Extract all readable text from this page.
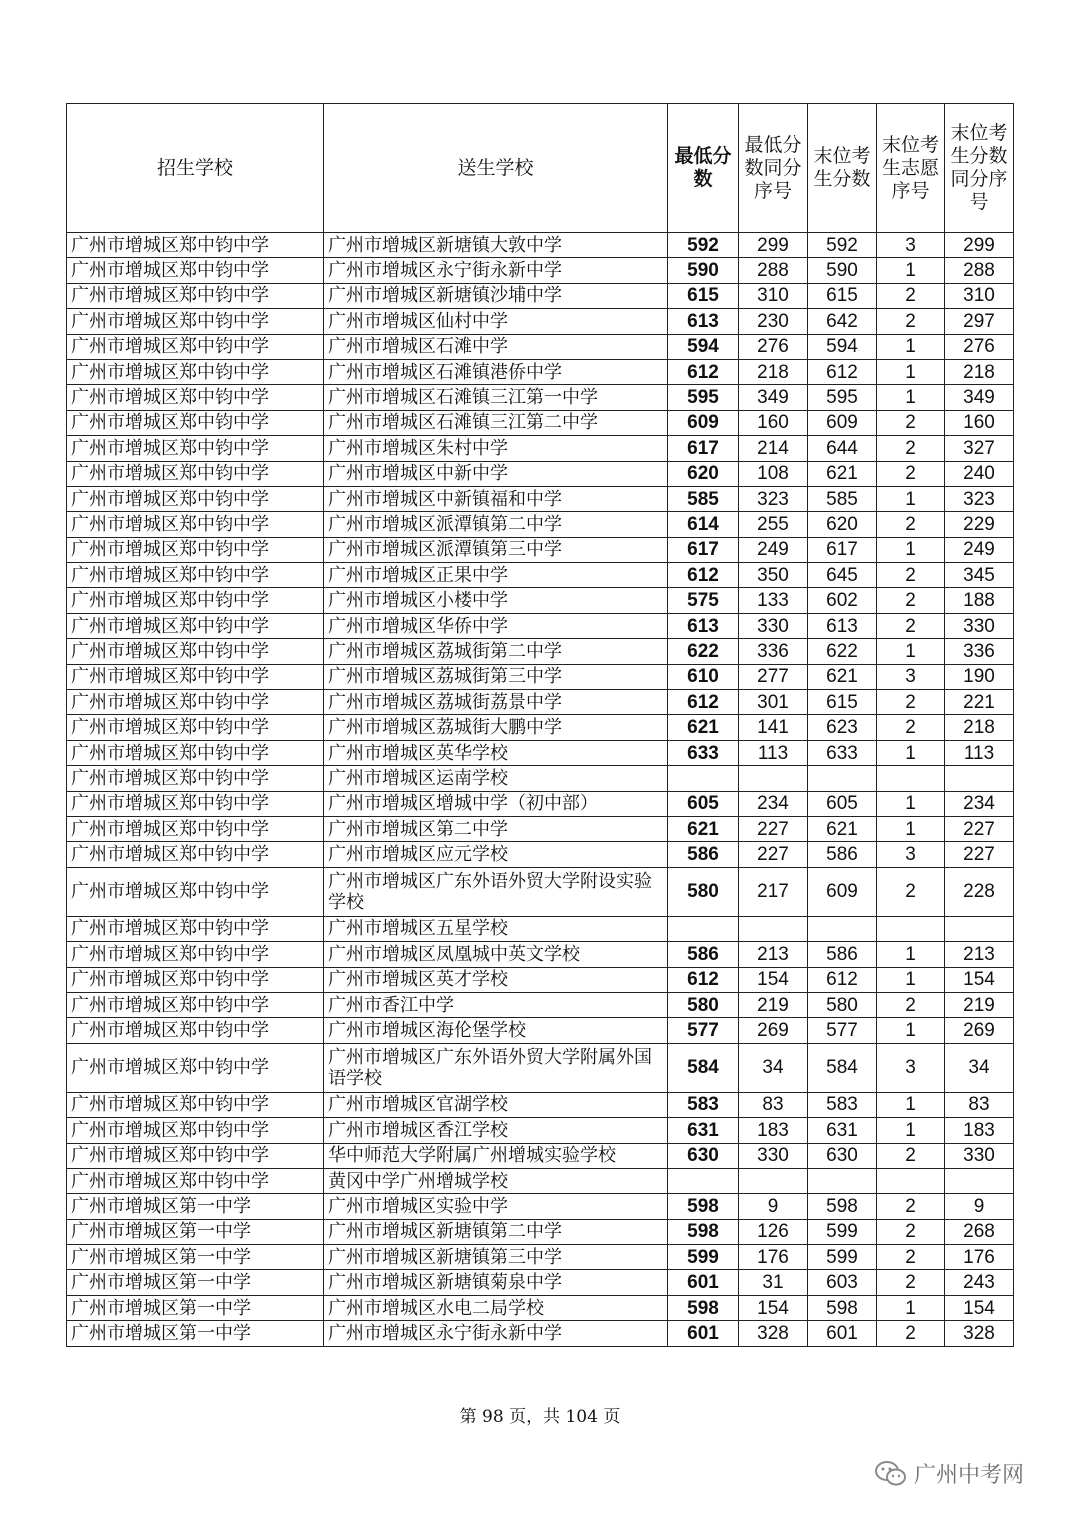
招生学校	送生学校	最低分数	最低分数同分序号	末位考生分数	末位考生志愿序号	末位考生分数同分序号
广州市增城区郑中钧中学	广州市增城区新塘镇大敦中学	592	299	592	3	299
广州市增城区郑中钧中学	广州市增城区永宁街永新中学	590	288	590	1	288
广州市增城区郑中钧中学	广州市增城区新塘镇沙埔中学	615	310	615	2	310
广州市增城区郑中钧中学	广州市增城区仙村中学	613	230	642	2	297
广州市增城区郑中钧中学	广州市增城区石滩中学	594	276	594	1	276
广州市增城区郑中钧中学	广州市增城区石滩镇港侨中学	612	218	612	1	218
广州市增城区郑中钧中学	广州市增城区石滩镇三江第一中学	595	349	595	1	349
广州市增城区郑中钧中学	广州市增城区石滩镇三江第二中学	609	160	609	2	160
广州市增城区郑中钧中学	广州市增城区朱村中学	617	214	644	2	327
广州市增城区郑中钧中学	广州市增城区中新中学	620	108	621	2	240
广州市增城区郑中钧中学	广州市增城区中新镇福和中学	585	323	585	1	323
广州市增城区郑中钧中学	广州市增城区派潭镇第二中学	614	255	620	2	229
广州市增城区郑中钧中学	广州市增城区派潭镇第三中学	617	249	617	1	249
广州市增城区郑中钧中学	广州市增城区正果中学	612	350	645	2	345
广州市增城区郑中钧中学	广州市增城区小楼中学	575	133	602	2	188
广州市增城区郑中钧中学	广州市增城区华侨中学	613	330	613	2	330
广州市增城区郑中钧中学	广州市增城区荔城街第二中学	622	336	622	1	336
广州市增城区郑中钧中学	广州市增城区荔城街第三中学	610	277	621	3	190
广州市增城区郑中钧中学	广州市增城区荔城街荔景中学	612	301	615	2	221
广州市增城区郑中钧中学	广州市增城区荔城街大鹏中学	621	141	623	2	218
广州市增城区郑中钧中学	广州市增城区英华学校	633	113	633	1	113
广州市增城区郑中钧中学	广州市增城区运南学校					
广州市增城区郑中钧中学	广州市增城区增城中学（初中部）	605	234	605	1	234
广州市增城区郑中钧中学	广州市增城区第二中学	621	227	621	1	227
广州市增城区郑中钧中学	广州市增城区应元学校	586	227	586	3	227
广州市增城区郑中钧中学	广州市增城区广东外语外贸大学附设实验学校	580	217	609	2	228
广州市增城区郑中钧中学	广州市增城区五星学校					
广州市增城区郑中钧中学	广州市增城区凤凰城中英文学校	586	213	586	1	213
广州市增城区郑中钧中学	广州市增城区英才学校	612	154	612	1	154
广州市增城区郑中钧中学	广州市香江中学	580	219	580	2	219
广州市增城区郑中钧中学	广州市增城区海伦堡学校	577	269	577	1	269
广州市增城区郑中钧中学	广州市增城区广东外语外贸大学附属外国语学校	584	34	584	3	34
广州市增城区郑中钧中学	广州市增城区官湖学校	583	83	583	1	83
广州市增城区郑中钧中学	广州市增城区香江学校	631	183	631	1	183
广州市增城区郑中钧中学	华中师范大学附属广州增城实验学校	630	330	630	2	330
广州市增城区郑中钧中学	黄冈中学广州增城学校					
广州市增城区第一中学	广州市增城区实验中学	598	9	598	2	9
广州市增城区第一中学	广州市增城区新塘镇第二中学	598	126	599	2	268
广州市增城区第一中学	广州市增城区新塘镇第三中学	599	176	599	2	176
广州市增城区第一中学	广州市增城区新塘镇菊泉中学	601	31	603	2	243
广州市增城区第一中学	广州市增城区水电二局学校	598	154	598	1	154
广州市增城区第一中学	广州市增城区永宁街永新中学	601	328	601	2	328
第 98 页，共 104 页
广州中考网
